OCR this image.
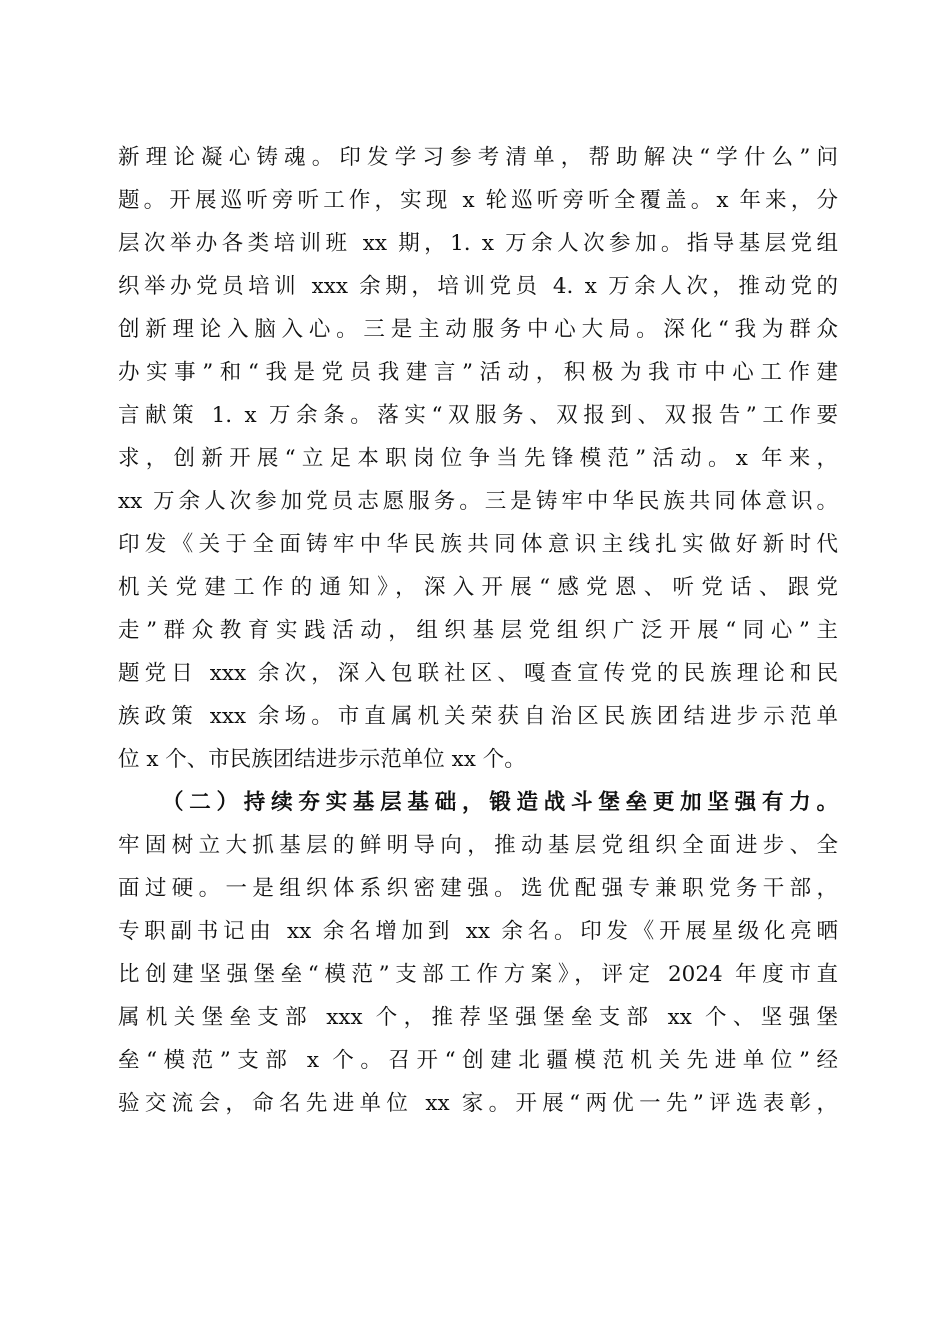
新理论凝心铸魂。印发学习参考清单，帮助解决“学什么”问
题。开展巡听旁听工作，实现 x 轮巡听旁听全覆盖。x 年来，分
层次举办各类培训班 xx 期，1. x 万余人次参加。指导基层党组
织举办党员培训 xxx 余期，培训党员 4. x 万余人次，推动党的
创新理论入脑入心。三是主动服务中心大局。深化“我为群众
办实事”和“我是党员我建言”活动，积极为我市中心工作建
言献策 1. x 万余条。落实“双服务、双报到、双报告”工作要
求，创新开展“立足本职岗位争当先锋模范”活动。x 年来，
xx 万余人次参加党员志愿服务。三是铸牢中华民族共同体意识。
印发《关于全面铸牢中华民族共同体意识主线扎实做好新时代
机关党建工作的通知》，深入开展“感党恩、听党话、跟党
走”群众教育实践活动，组织基层党组织广泛开展“同心”主
题党日 xxx 余次，深入包联社区、嘎查宣传党的民族理论和民
族政策 xxx 余场。市直属机关荣获自治区民族团结进步示范单
位 x 个、市民族团结进步示范单位 xx 个。
（二）持续夯实基层基础，锻造战斗堡垒更加坚强有力。
牢固树立大抓基层的鲜明导向，推动基层党组织全面进步、全
面过硬。一是组织体系织密建强。选优配强专兼职党务干部，
专职副书记由 xx 余名增加到 xx 余名。印发《开展星级化亮晒
比创建坚强堡垒“模范”支部工作方案》，评定 2024 年度市直
属机关堡垒支部 xxx 个，推荐坚强堡垒支部 xx 个、坚强堡
垒“模范”支部 x 个。召开“创建北疆模范机关先进单位”经
验交流会，命名先进单位 xx 家。开展“两优一先”评选表彰，
